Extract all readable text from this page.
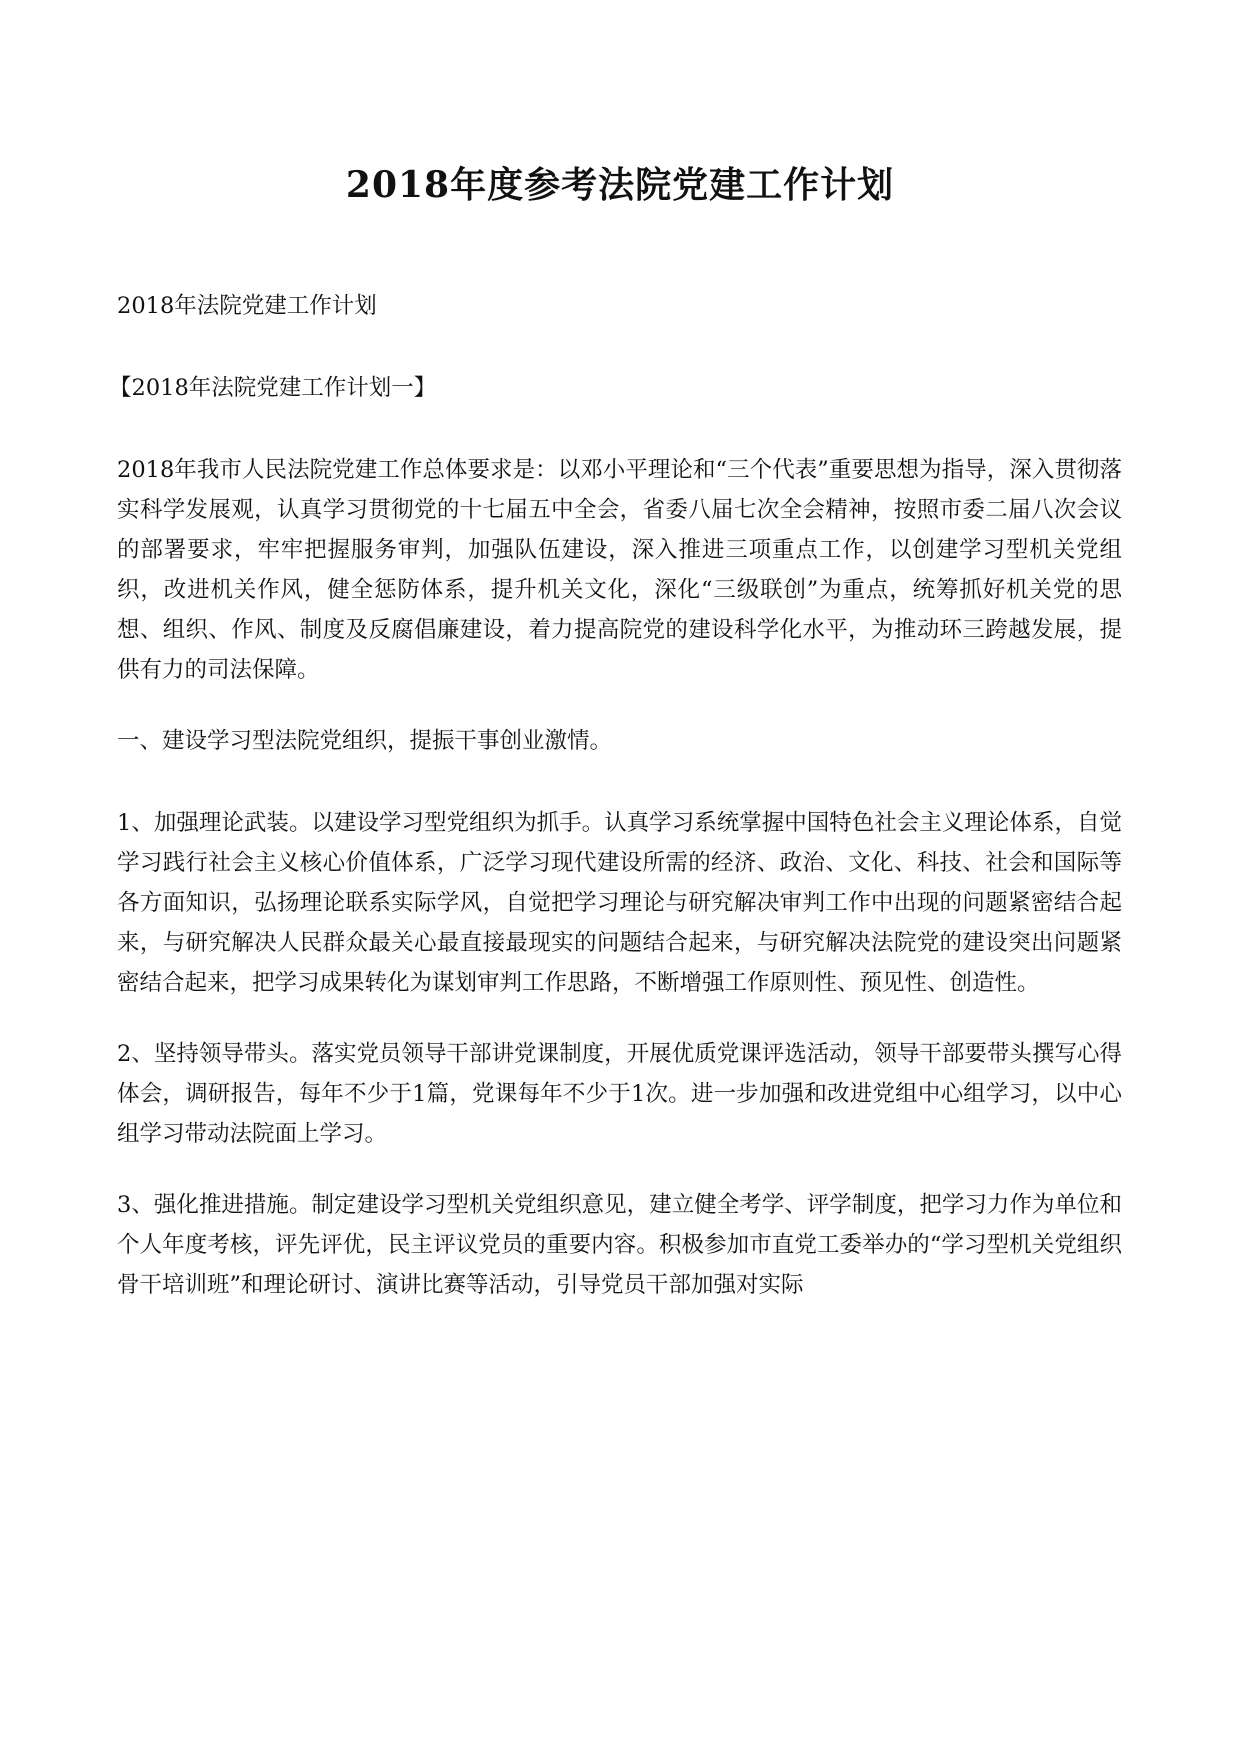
2018年度参考法院党建工作计划

2018年法院党建工作计划

【2018年法院党建工作计划一】

2018年我市人民法院党建工作总体要求是：以邓小平理论和“三个代表”重要思想为指导，深入贯彻落实科学发展观，认真学习贯彻党的十七届五中全会，省委八届七次全会精神，按照市委二届八次会议的部署要求，牢牢把握服务审判，加强队伍建设，深入推进三项重点工作，以创建学习型机关党组织，改进机关作风，健全惩防体系，提升机关文化，深化“三级联创”为重点，统筹抓好机关党的思想、组织、作风、制度及反腐倡廉建设，着力提高院党的建设科学化水平，为推动环三跨越发展，提供有力的司法保障。

一、建设学习型法院党组织，提振干事创业激情。

1、加强理论武装。以建设学习型党组织为抓手。认真学习系统掌握中国特色社会主义理论体系，自觉学习践行社会主义核心价值体系，广泛学习现代建设所需的经济、政治、文化、科技、社会和国际等各方面知识，弘扬理论联系实际学风，自觉把学习理论与研究解决审判工作中出现的问题紧密结合起来，与研究解决人民群众最关心最直接最现实的问题结合起来，与研究解决法院党的建设突出问题紧密结合起来，把学习成果转化为谋划审判工作思路，不断增强工作原则性、预见性、创造性。

2、坚持领导带头。落实党员领导干部讲党课制度，开展优质党课评选活动，领导干部要带头撰写心得体会，调研报告，每年不少于1篇，党课每年不少于1次。进一步加强和改进党组中心组学习，以中心组学习带动法院面上学习。

3、强化推进措施。制定建设学习型机关党组织意见，建立健全考学、评学制度，把学习力作为单位和个人年度考核，评先评优，民主评议党员的重要内容。积极参加市直党工委举办的“学习型机关党组织骨干培训班”和理论研讨、演讲比赛等活动，引导党员干部加强对实际
